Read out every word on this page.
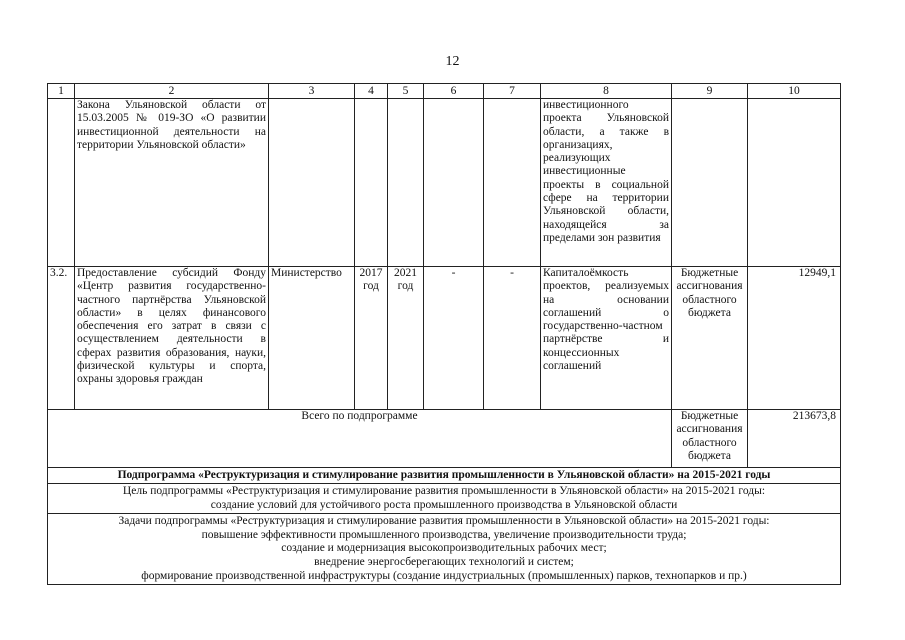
12
1	2	3	4	5	6	7	8	9	10
	Закона Ульяновской области от 15.03.2005 № 019-ЗО «О развитии инвестиционной деятельности на территории Ульяновской области»						инвестиционного проекта Ульяновской области, а также в организациях, реализующих инвестиционные проекты в социальной сфере на территории Ульяновской области, находящейся за пределами зон развития		
3.2.	Предоставление субсидий Фонду «Центр развития государственно-частного партнёрства Ульяновской области» в целях финансового обеспечения его затрат в связи с осуществлением деятельности в сферах развития образования, науки, физической культуры и спорта, охраны здоровья граждан	Министерство	2017 год	2021 год	-	-	Капиталоёмкость проектов, реализуемых на основании соглашений о государственно-частном партнёрстве и концессионных соглашений	Бюджетные ассигнования областного бюджета	12949,1
Всего по подпрограмме								Бюджетные ассигнования областного бюджета	213673,8
Подпрограмма «Реструктуризация и стимулирование развития промышленности в Ульяновской области» на 2015-2021 годы									

Цель подпрограммы «Реструктуризация и стимулирование развития промышленности в Ульяновской области» на 2015-2021 годы:
создание условий для устойчивого роста промышленного производства в Ульяновской области									

Задачи подпрограммы «Реструктуризация и стимулирование развития промышленности в Ульяновской области» на 2015-2021 годы:
повышение эффективности промышленного производства, увеличение производительности труда;
создание и модернизация высокопроизводительных рабочих мест;
внедрение энергосберегающих технологий и систем;
формирование производственной инфраструктуры (создание индустриальных (промышленных) парков, технопарков и пр.)									
